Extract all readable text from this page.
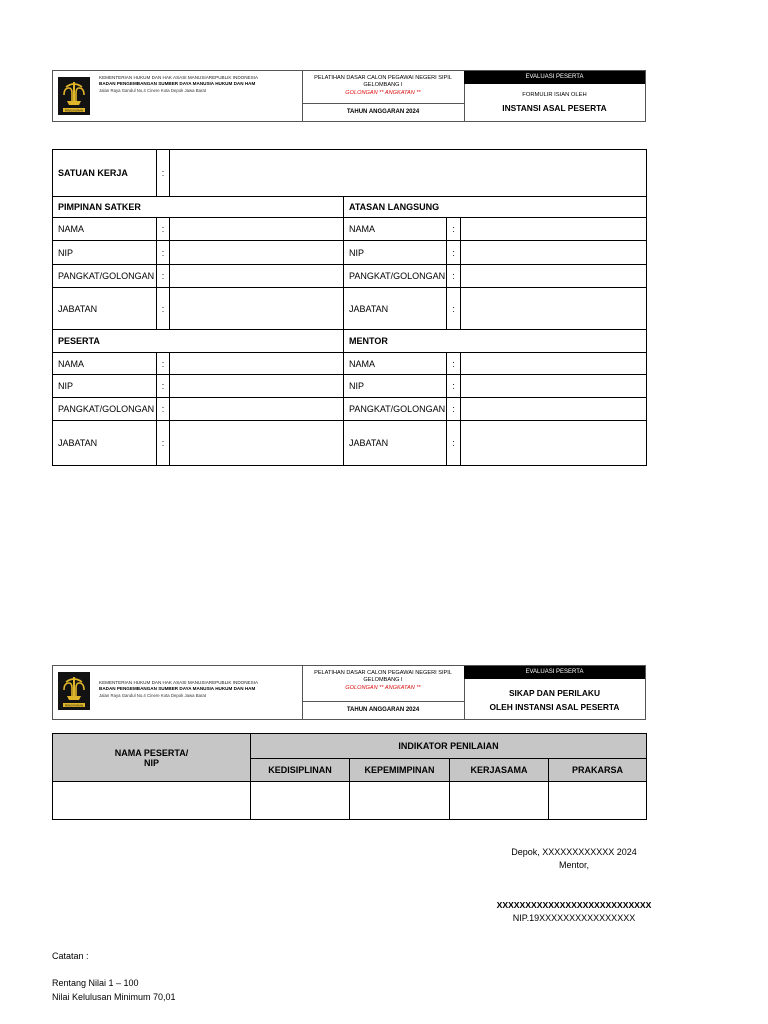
PENGAYOMAN
KEMENTERIAN HUKUM DAN HAK ASASI MANUSIAREPUBLIK INDONESIA
BADAN PENGEMBANGAN SUMBER DAYA MANUSIA HUKUM DAN HAM
Jalan Raya Gandul No.4 Cinere Kota Depok Jawa Barat
PELATIHAN DASAR CALON PEGAWAI NEGERI SIPIL
GELOMBANG I
GOLONGAN ** ANGKATAN **
TAHUN ANGGARAN 2024
EVALUASI PESERTA
FORMULIR ISIAN OLEH
INSTANSI ASAL PESERTA
SATUAN KERJA	:				
PIMPINAN SATKER			ATASAN LANGSUNG		
NAMA	:		NAMA	:	
NIP	:		NIP	:	
PANGKAT/GOLONGAN	:		PANGKAT/GOLONGAN	:	
JABATAN	:		JABATAN	:	
PESERTA			MENTOR		
NAMA	:		NAMA	:	
NIP	:		NIP	:	
PANGKAT/GOLONGAN	:		PANGKAT/GOLONGAN	:	
JABATAN	:		JABATAN	:	
PENGAYOMAN
KEMENTERIAN HUKUM DAN HAK ASASI MANUSIAREPUBLIK INDONESIA
BADAN PENGEMBANGAN SUMBER DAYA MANUSIA HUKUM DAN HAM
Jalan Raya Gandul No.4 Cinere Kota Depok Jawa Barat
PELATIHAN DASAR CALON PEGAWAI NEGERI SIPIL
GELOMBANG I
GOLONGAN ** ANGKATAN **
TAHUN ANGGARAN 2024
EVALUASI PESERTA
SIKAP DAN PERILAKU
OLEH INSTANSI ASAL PESERTA
NAMA PESERTA/
NIP	INDIKATOR PENILAIAN			
	KEDISIPLINAN	KEPEMIMPINAN	KERJASAMA	PRAKARSA

Depok, XXXXXXXXXXXX 2024
Mentor,
XXXXXXXXXXXXXXXXXXXXXXXXXXX
NIP.19XXXXXXXXXXXXXXXX
Catatan :
Rentang Nilai 1 – 100
Nilai Kelulusan Minimum 70,01
